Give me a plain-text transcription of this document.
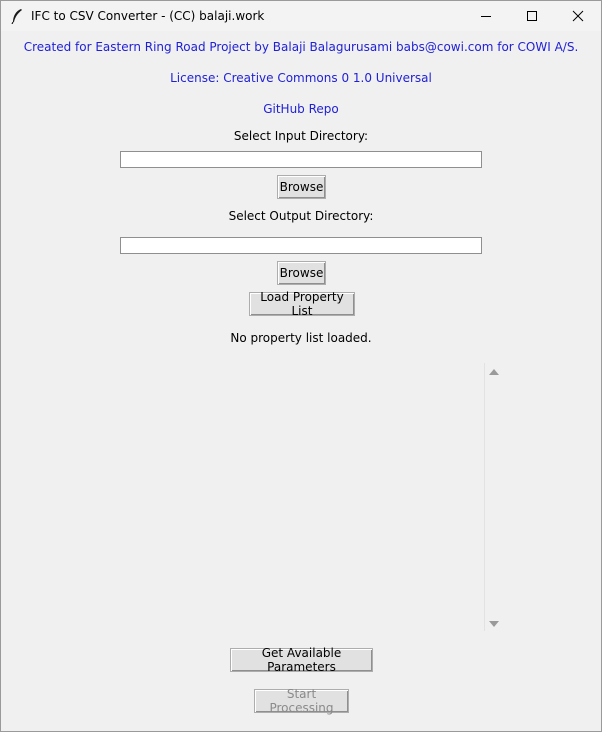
IFC to CSV Converter - (CC) balaji.work
Created for Eastern Ring Road Project by Balaji Balagurusami babs@cowi.com for COWI A/S.
License: Creative Commons 0 1.0 Universal
GitHub Repo
Select Input Directory:
Browse
Select Output Directory:
Browse
Load Property List
No property list loaded.
Get Available Parameters
Start Processing
